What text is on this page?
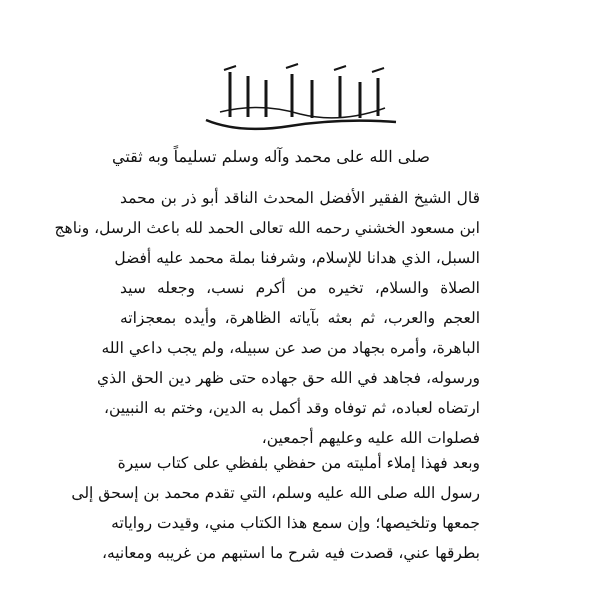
صلى الله على محمد وآله وسلم تسليماً وبه ثقتي
قال الشيخ الفقير الأفضل المحدث الناقد أبو ذر بن محمد
ابن مسعود الخشني رحمه الله تعالى الحمد لله باعث الرسل، وناهج
السبل، الذي هدانا للإسلام، وشرفنا بملة محمد عليه أفضل
الصلاة والسلام، تخيره من أكرم نسب، وجعله سيد
العجم والعرب، ثم بعثه بآياته الظاهرة، وأيده بمعجزاته
الباهرة، وأمره بجهاد من صد عن سبيله، ولم يجب داعي الله
ورسوله، فجاهد في الله حق جهاده حتى ظهر دين الحق الذي
ارتضاه لعباده، ثم توفاه وقد أكمل به الدين، وختم به النبيين،
فصلوات الله عليه وعليهم أجمعين،
وبعد فهذا إملاء أمليته من حفظي بلفظي على كتاب سيرة
رسول الله صلى الله عليه وسلم، التي تقدم محمد بن إسحق إلى
جمعها وتلخيصها؛ وإن سمع هذا الكتاب مني، وقيدت رواياته
بطرقها عني، قصدت فيه شرح ما استبهم من غريبه ومعانيه،
